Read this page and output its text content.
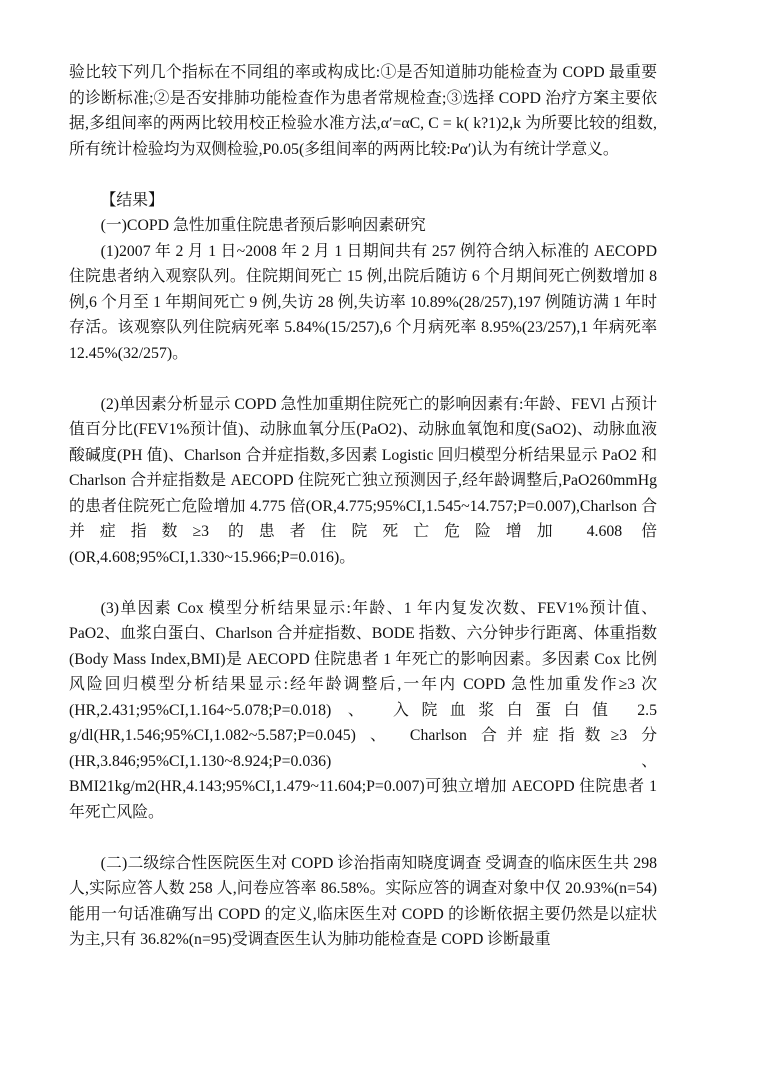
验比较下列几个指标在不同组的率或构成比:①是否知道肺功能检查为 COPD 最重要的诊断标准;②是否安排肺功能检查作为患者常规检查;③选择 COPD 治疗方案主要依据,多组间率的两两比较用校正检验水准方法,α′=αC, C = k( k?1)2,k 为所要比较的组数,所有统计检验均为双侧检验,P0.05(多组间率的两两比较:Pα′)认为有统计学意义。

【结果】

(一)COPD 急性加重住院患者预后影响因素研究

(1)2007 年 2 月 1 日~2008 年 2 月 1 日期间共有 257 例符合纳入标准的 AECOPD 住院患者纳入观察队列。住院期间死亡 15 例,出院后随访 6 个月期间死亡例数增加 8 例,6 个月至 1 年期间死亡 9 例,失访 28 例,失访率 10.89%(28/257),197 例随访满 1 年时存活。该观察队列住院病死率 5.84%(15/257),6 个月病死率 8.95%(23/257),1 年病死率 12.45%(32/257)。

(2)单因素分析显示 COPD 急性加重期住院死亡的影响因素有:年龄、FEVl 占预计值百分比(FEV1%预计值)、动脉血氧分压(PaO2)、动脉血氧饱和度(SaO2)、动脉血液酸碱度(PH 值)、Charlson 合并症指数,多因素 Logistic 回归模型分析结果显示 PaO2 和 Charlson 合并症指数是 AECOPD 住院死亡独立预测因子,经年龄调整后,PaO260mmHg 的患者住院死亡危险增加 4.775 倍(OR,4.775;95%CI,1.545~14.757;P=0.007),Charlson 合并症指数≥3 的患者住院死亡危险增加 4.608 倍(OR,4.608;95%CI,1.330~15.966;P=0.016)。

(3)单因素 Cox 模型分析结果显示:年龄、1 年内复发次数、FEV1%预计值、PaO2、血浆白蛋白、Charlson 合并症指数、BODE 指数、六分钟步行距离、体重指数(Body Mass Index,BMI)是 AECOPD 住院患者 1 年死亡的影响因素。多因素 Cox 比例风险回归模型分析结果显示:经年龄调整后,一年内 COPD 急性加重发作≥3 次(HR,2.431;95%CI,1.164~5.078;P=0.018) 、 入院血浆白蛋白值 2.5 g/dl(HR,1.546;95%CI,1.082~5.587;P=0.045) 、 Charlson 合并症指数≥3 分(HR,3.846;95%CI,1.130~8.924;P=0.036) 、 BMI21kg/m2(HR,4.143;95%CI,1.479~11.604;P=0.007)可独立增加 AECOPD 住院患者 1 年死亡风险。

(二)二级综合性医院医生对 COPD 诊治指南知晓度调查 受调查的临床医生共 298 人,实际应答人数 258 人,问卷应答率 86.58%。实际应答的调查对象中仅 20.93%(n=54)能用一句话准确写出 COPD 的定义,临床医生对 COPD 的诊断依据主要仍然是以症状为主,只有 36.82%(n=95)受调查医生认为肺功能检查是 COPD 诊断最重
